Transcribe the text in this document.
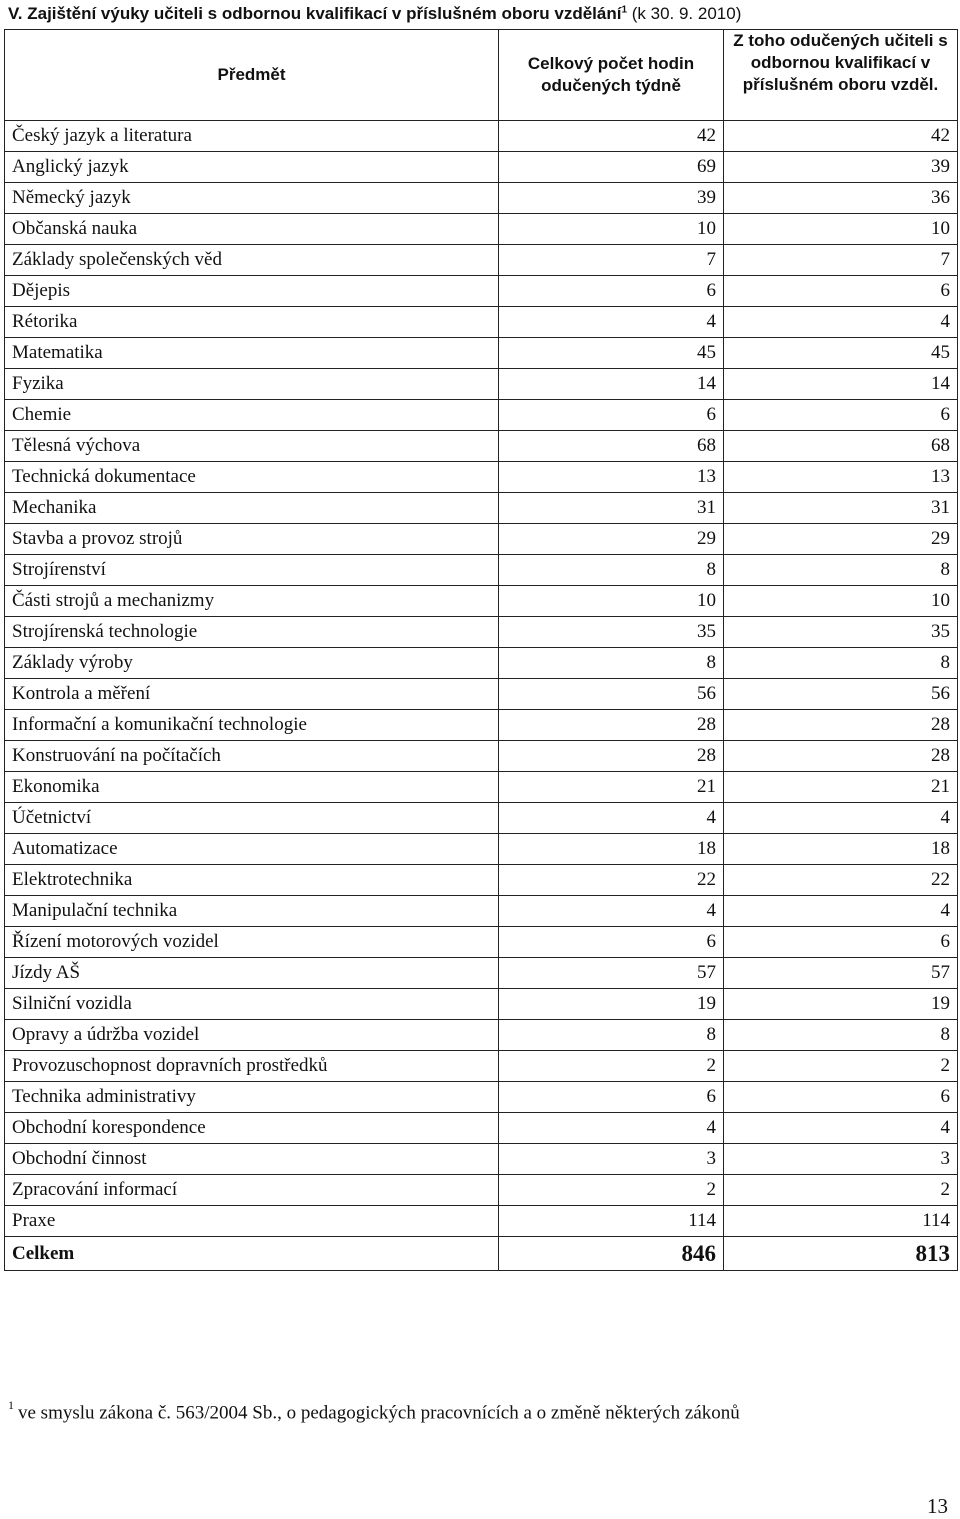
V. Zajištění výuky učiteli s odbornou kvalifikací v příslušném oboru vzdělání$^1$ (k 30. 9. 2010)
Předmět	Celkový počet hodin odučených týdně	Z toho odučených učiteli s odbornou kvalifikací v příslušném oboru vzděl.
Český jazyk a literatura	42	42
Anglický jazyk	69	39
Německý jazyk	39	36
Občanská nauka	10	10
Základy společenských věd	7	7
Dějepis	6	6
Rétorika	4	4
Matematika	45	45
Fyzika	14	14
Chemie	6	6
Tělesná výchova	68	68
Technická dokumentace	13	13
Mechanika	31	31
Stavba a provoz strojů	29	29
Strojírenství	8	8
Části strojů a mechanizmy	10	10
Strojírenská technologie	35	35
Základy výroby	8	8
Kontrola a měření	56	56
Informační a komunikační technologie	28	28
Konstruování na počítačích	28	28
Ekonomika	21	21
Účetnictví	4	4
Automatizace	18	18
Elektrotechnika	22	22
Manipulační technika	4	4
Řízení motorových vozidel	6	6
Jízdy AŠ	57	57
Silniční vozidla	19	19
Opravy a údržba vozidel	8	8
Provozuschopnost dopravních prostředků	2	2
Technika administrativy	6	6
Obchodní korespondence	4	4
Obchodní činnost	3	3
Zpracování informací	2	2
Praxe	114	114
Celkem	846	813
$^1$ ve smyslu zákona č. 563/2004 Sb., o pedagogických pracovnících a o změně některých zákonů
13
